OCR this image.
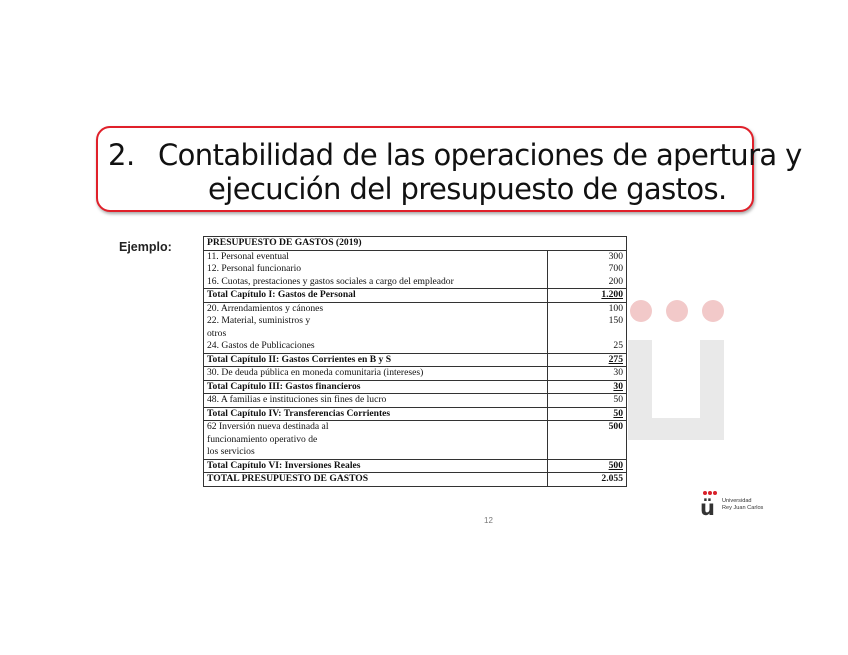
2. Contabilidad de las operaciones de apertura y
ejecución del presupuesto de gastos.
Ejemplo:	PRESUPUESTO DE GASTOS (2019)	
11. Personal eventual	300
12. Personal funcionario	700
16. Cuotas, prestaciones y gastos sociales a cargo del empleador	200
Total Capítulo I: Gastos de Personal	1.200
20. Arrendamientos y cánones	100
22. Material, suministros y	150
otros	
24. Gastos de Publicaciones	25
Total Capítulo II: Gastos Corrientes en B y S	275
30. De deuda pública en moneda comunitaria (intereses)	30
Total Capítulo III: Gastos financieros	30
48. A familias e instituciones sin fines de lucro	50
Total Capítulo IV: Transferencias Corrientes	50
62 Inversión nueva destinada al	500
funcionamiento operativo de	
los servicios	
Total Capítulo VI: Inversiones Reales	500
TOTAL PRESUPUESTO DE GASTOS	2.055
12
ü Universidad
Rey Juan Carlos
